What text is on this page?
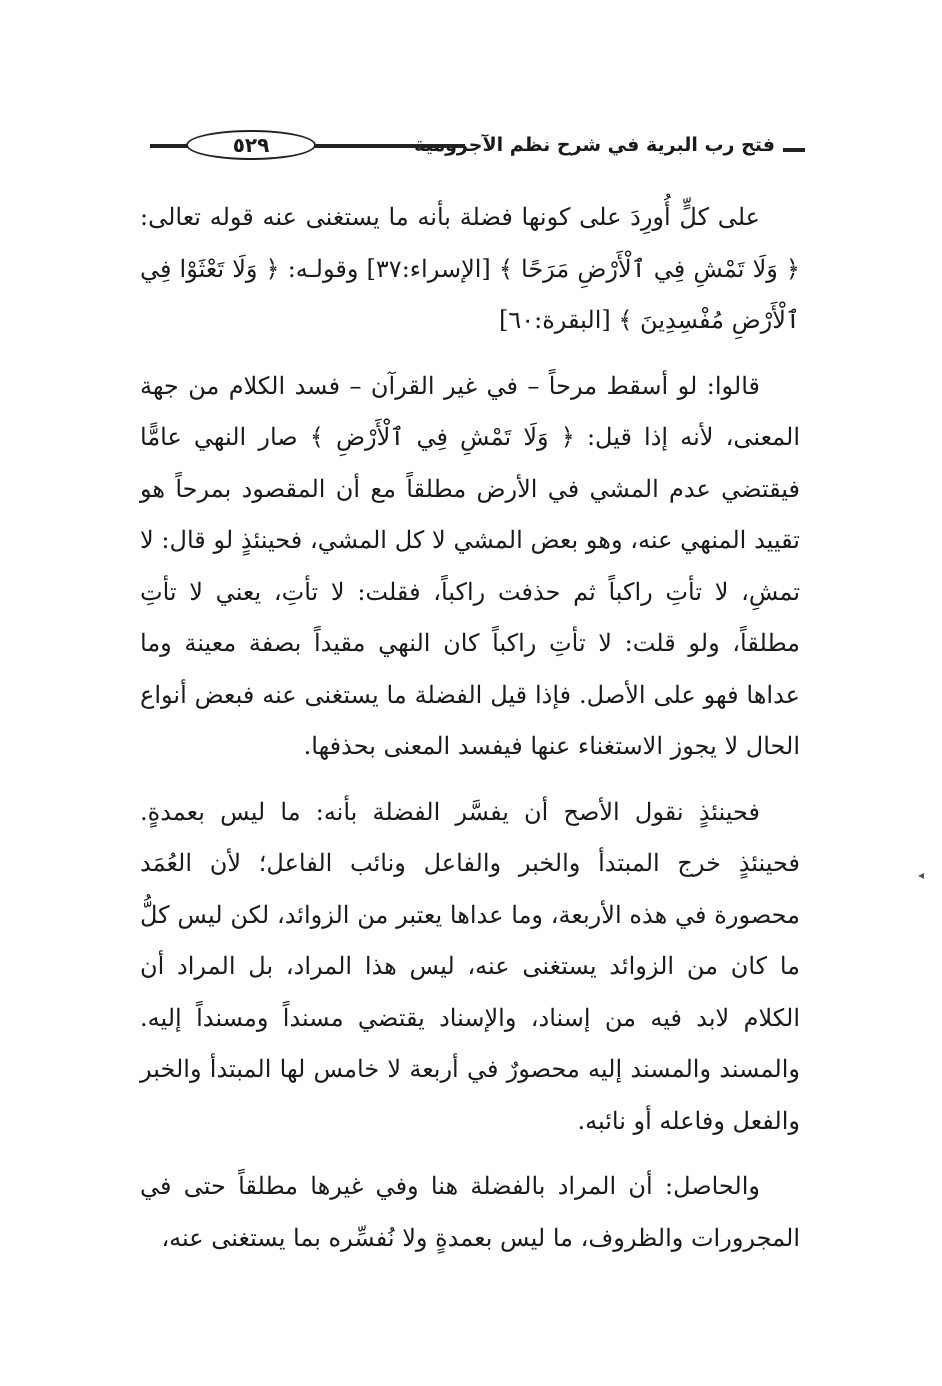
فتح رب البرية في شرح نظم الآجرومية
٥٢٩

على كلٍّ أُورِدَ على كونها فضلة بأنه ما يستغنى عنه قوله تعالى: ﴿ وَلَا تَمْشِ فِي ٱلْأَرْضِ مَرَحًا ﴾ [الإسراء:٣٧] وقولـه: ﴿ وَلَا تَعْثَوْا فِي ٱلْأَرْضِ مُفْسِدِينَ ﴾ [البقرة:٦٠]

قالوا: لو أسقط مرحاً – في غير القرآن – فسد الكلام من جهة المعنى، لأنه إذا قيل: ﴿ وَلَا تَمْشِ فِي ٱلْأَرْضِ ﴾ صار النهي عامًّا فيقتضي عدم المشي في الأرض مطلقاً مع أن المقصود بمرحاً هو تقييد المنهي عنه، وهو بعض المشي لا كل المشي، فحينئذٍ لو قال: لا تمشِ، لا تأتِ راكباً ثم حذفت راكباً، فقلت: لا تأتِ، يعني لا تأتِ مطلقاً، ولو قلت: لا تأتِ راكباً كان النهي مقيداً بصفة معينة وما عداها فهو على الأصل. فإذا قيل الفضلة ما يستغنى عنه فبعض أنواع الحال لا يجوز الاستغناء عنها فيفسد المعنى بحذفها.

فحينئذٍ نقول الأصح أن يفسَّر الفضلة بأنه: ما ليس بعمدةٍ. فحينئذٍ خرج المبتدأ والخبر والفاعل ونائب الفاعل؛ لأن العُمَد محصورة في هذه الأربعة، وما عداها يعتبر من الزوائد، لكن ليس كلُّ ما كان من الزوائد يستغنى عنه، ليس هذا المراد، بل المراد أن الكلام لابد فيه من إسناد، والإسناد يقتضي مسنداً ومسنداً إليه. والمسند والمسند إليه محصورٌ في أربعة لا خامس لها المبتدأ والخبر والفعل وفاعله أو نائبه.

والحاصل: أن المراد بالفضلة هنا وفي غيرها مطلقاً حتى في المجرورات والظروف، ما ليس بعمدةٍ ولا نُفسِّره بما يستغنى عنه،

◂
